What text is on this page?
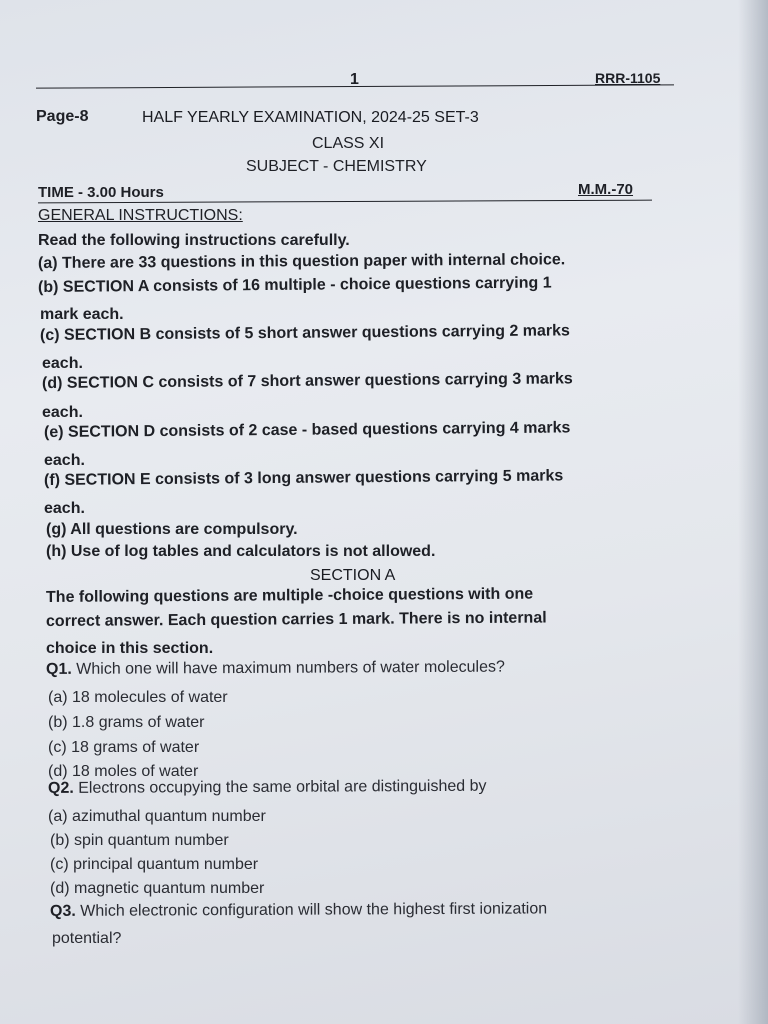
1	RRR-1105
Page-8	HALF YEARLY EXAMINATION, 2024-25 SET-3
CLASS XI
SUBJECT - CHEMISTRY
TIME - 3.00 Hours	M.M.-70
GENERAL INSTRUCTIONS:
Read the following instructions carefully.
(a) There are 33 questions in this question paper with internal choice.
(b) SECTION A consists of 16 multiple - choice questions carrying 1
mark each.
(c) SECTION B consists of 5 short answer questions carrying 2 marks
each.
(d) SECTION C consists of 7 short answer questions carrying 3 marks
each.
(e) SECTION D consists of 2 case - based questions carrying 4 marks
each.
(f) SECTION E consists of 3 long answer questions carrying 5 marks
each.
(g) All questions are compulsory.
(h) Use of log tables and calculators is not allowed.
SECTION A
The following questions are multiple -choice questions with one
correct answer. Each question carries 1 mark. There is no internal
choice in this section.
Q1. Which one will have maximum numbers of water molecules?
(a) 18 molecules of water
(b) 1.8 grams of water
(c) 18 grams of water
(d) 18 moles of water
Q2. Electrons occupying the same orbital are distinguished by
(a) azimuthal quantum number
(b) spin quantum number
(c) principal quantum number
(d) magnetic quantum number
Q3. Which electronic configuration will show the highest first ionization
potential?
